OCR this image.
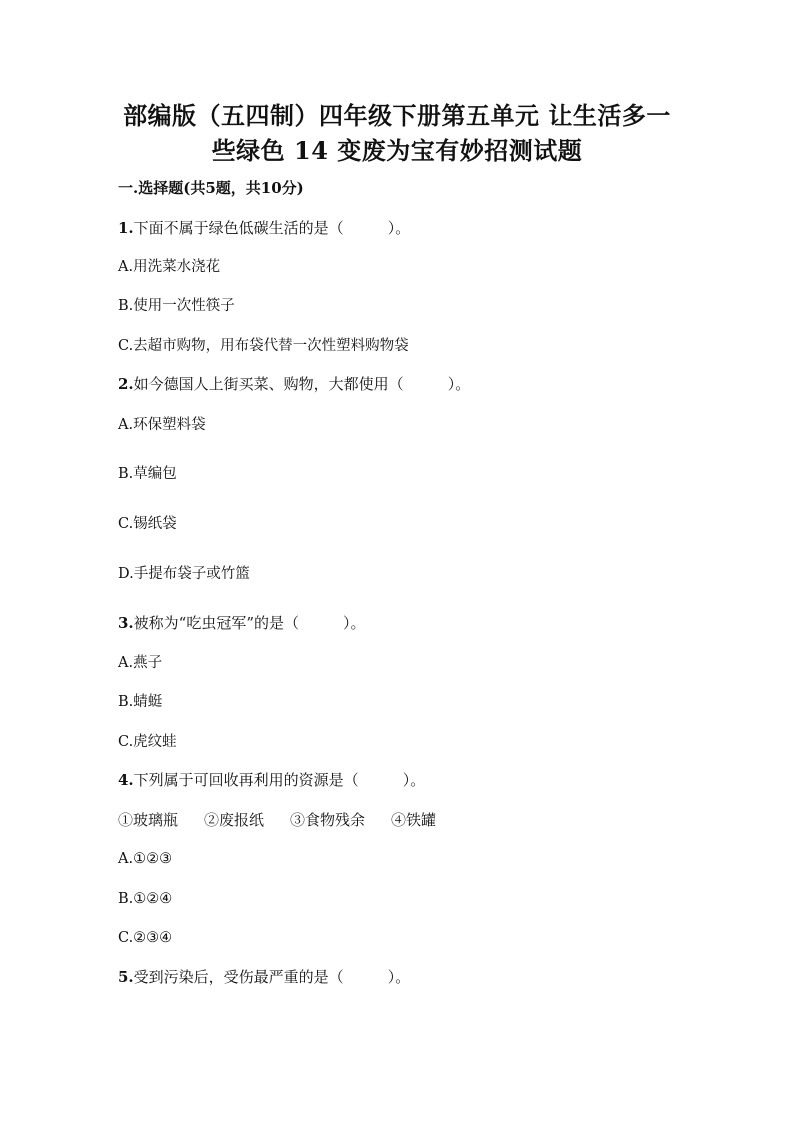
部编版（五四制）四年级下册第五单元 让生活多一
些绿色 14 变废为宝有妙招测试题
一.选择题(共5题，共10分)
1.下面不属于绿色低碳生活的是（	）。
A.用洗菜水浇花
B.使用一次性筷子
C.去超市购物，用布袋代替一次性塑料购物袋
2.如今德国人上街买菜、购物，大都使用（	）。
A.环保塑料袋
B.草编包
C.锡纸袋
D.手提布袋子或竹篮
3.被称为“吃虫冠军”的是（	）。
A.燕子
B.蜻蜓
C.虎纹蛙
4.下列属于可回收再利用的资源是（	）。
①玻璃瓶 ②废报纸 ③食物残余 ④铁罐
A.①②③
B.①②④
C.②③④
5.受到污染后，受伤最严重的是（	）。
